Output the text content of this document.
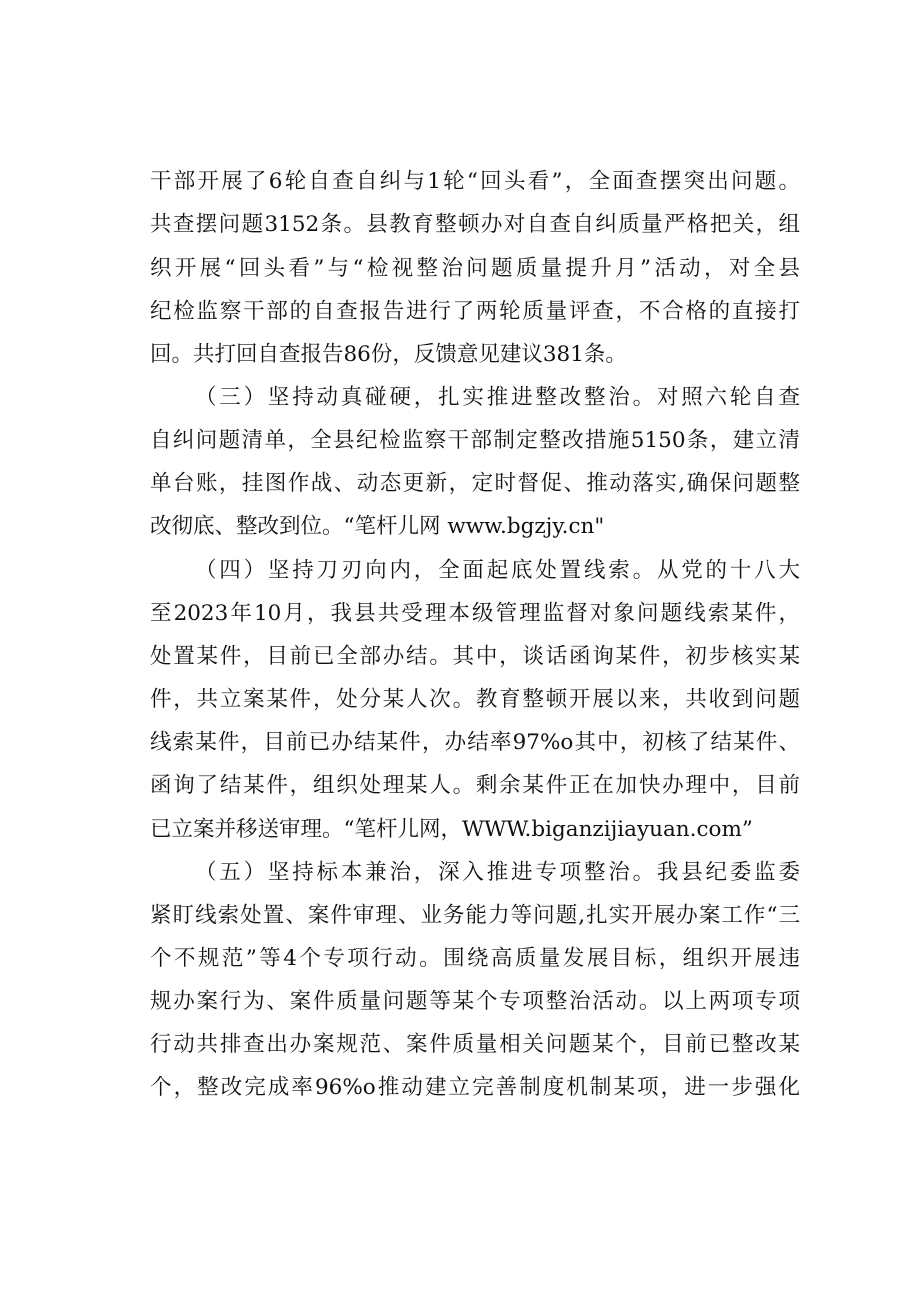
干部开展了6轮自查自纠与1轮“回头看”，全面查摆突出问题。
共查摆问题3152条。县教育整顿办对自查自纠质量严格把关，组
织开展“回头看”与“检视整治问题质量提升月”活动，对全县
纪检监察干部的自查报告进行了两轮质量评查，不合格的直接打
回。共打回自查报告86份，反馈意见建议381条。
（三）坚持动真碰硬，扎实推进整改整治。对照六轮自查
自纠问题清单，全县纪检监察干部制定整改措施5150条，建立清
单台账，挂图作战、动态更新，定时督促、推动落实,确保问题整
改彻底、整改到位。“笔杆儿网 www.bgzjy.cn"
（四）坚持刀刃向内，全面起底处置线索。从党的十八大
至2023年10月，我县共受理本级管理监督对象问题线索某件，
处置某件，目前已全部办结。其中，谈话函询某件，初步核实某
件，共立案某件，处分某人次。教育整顿开展以来，共收到问题
线索某件，目前已办结某件，办结率97%o其中，初核了结某件、
函询了结某件，组织处理某人。剩余某件正在加快办理中，目前
已立案并移送审理。“笔杆儿网，WWW.biganzijiayuan.com”
（五）坚持标本兼治，深入推进专项整治。我县纪委监委
紧盯线索处置、案件审理、业务能力等问题,扎实开展办案工作“三
个不规范”等4个专项行动。围绕高质量发展目标，组织开展违
规办案行为、案件质量问题等某个专项整治活动。以上两项专项
行动共排查出办案规范、案件质量相关问题某个，目前已整改某
个，整改完成率96%o推动建立完善制度机制某项，进一步强化
